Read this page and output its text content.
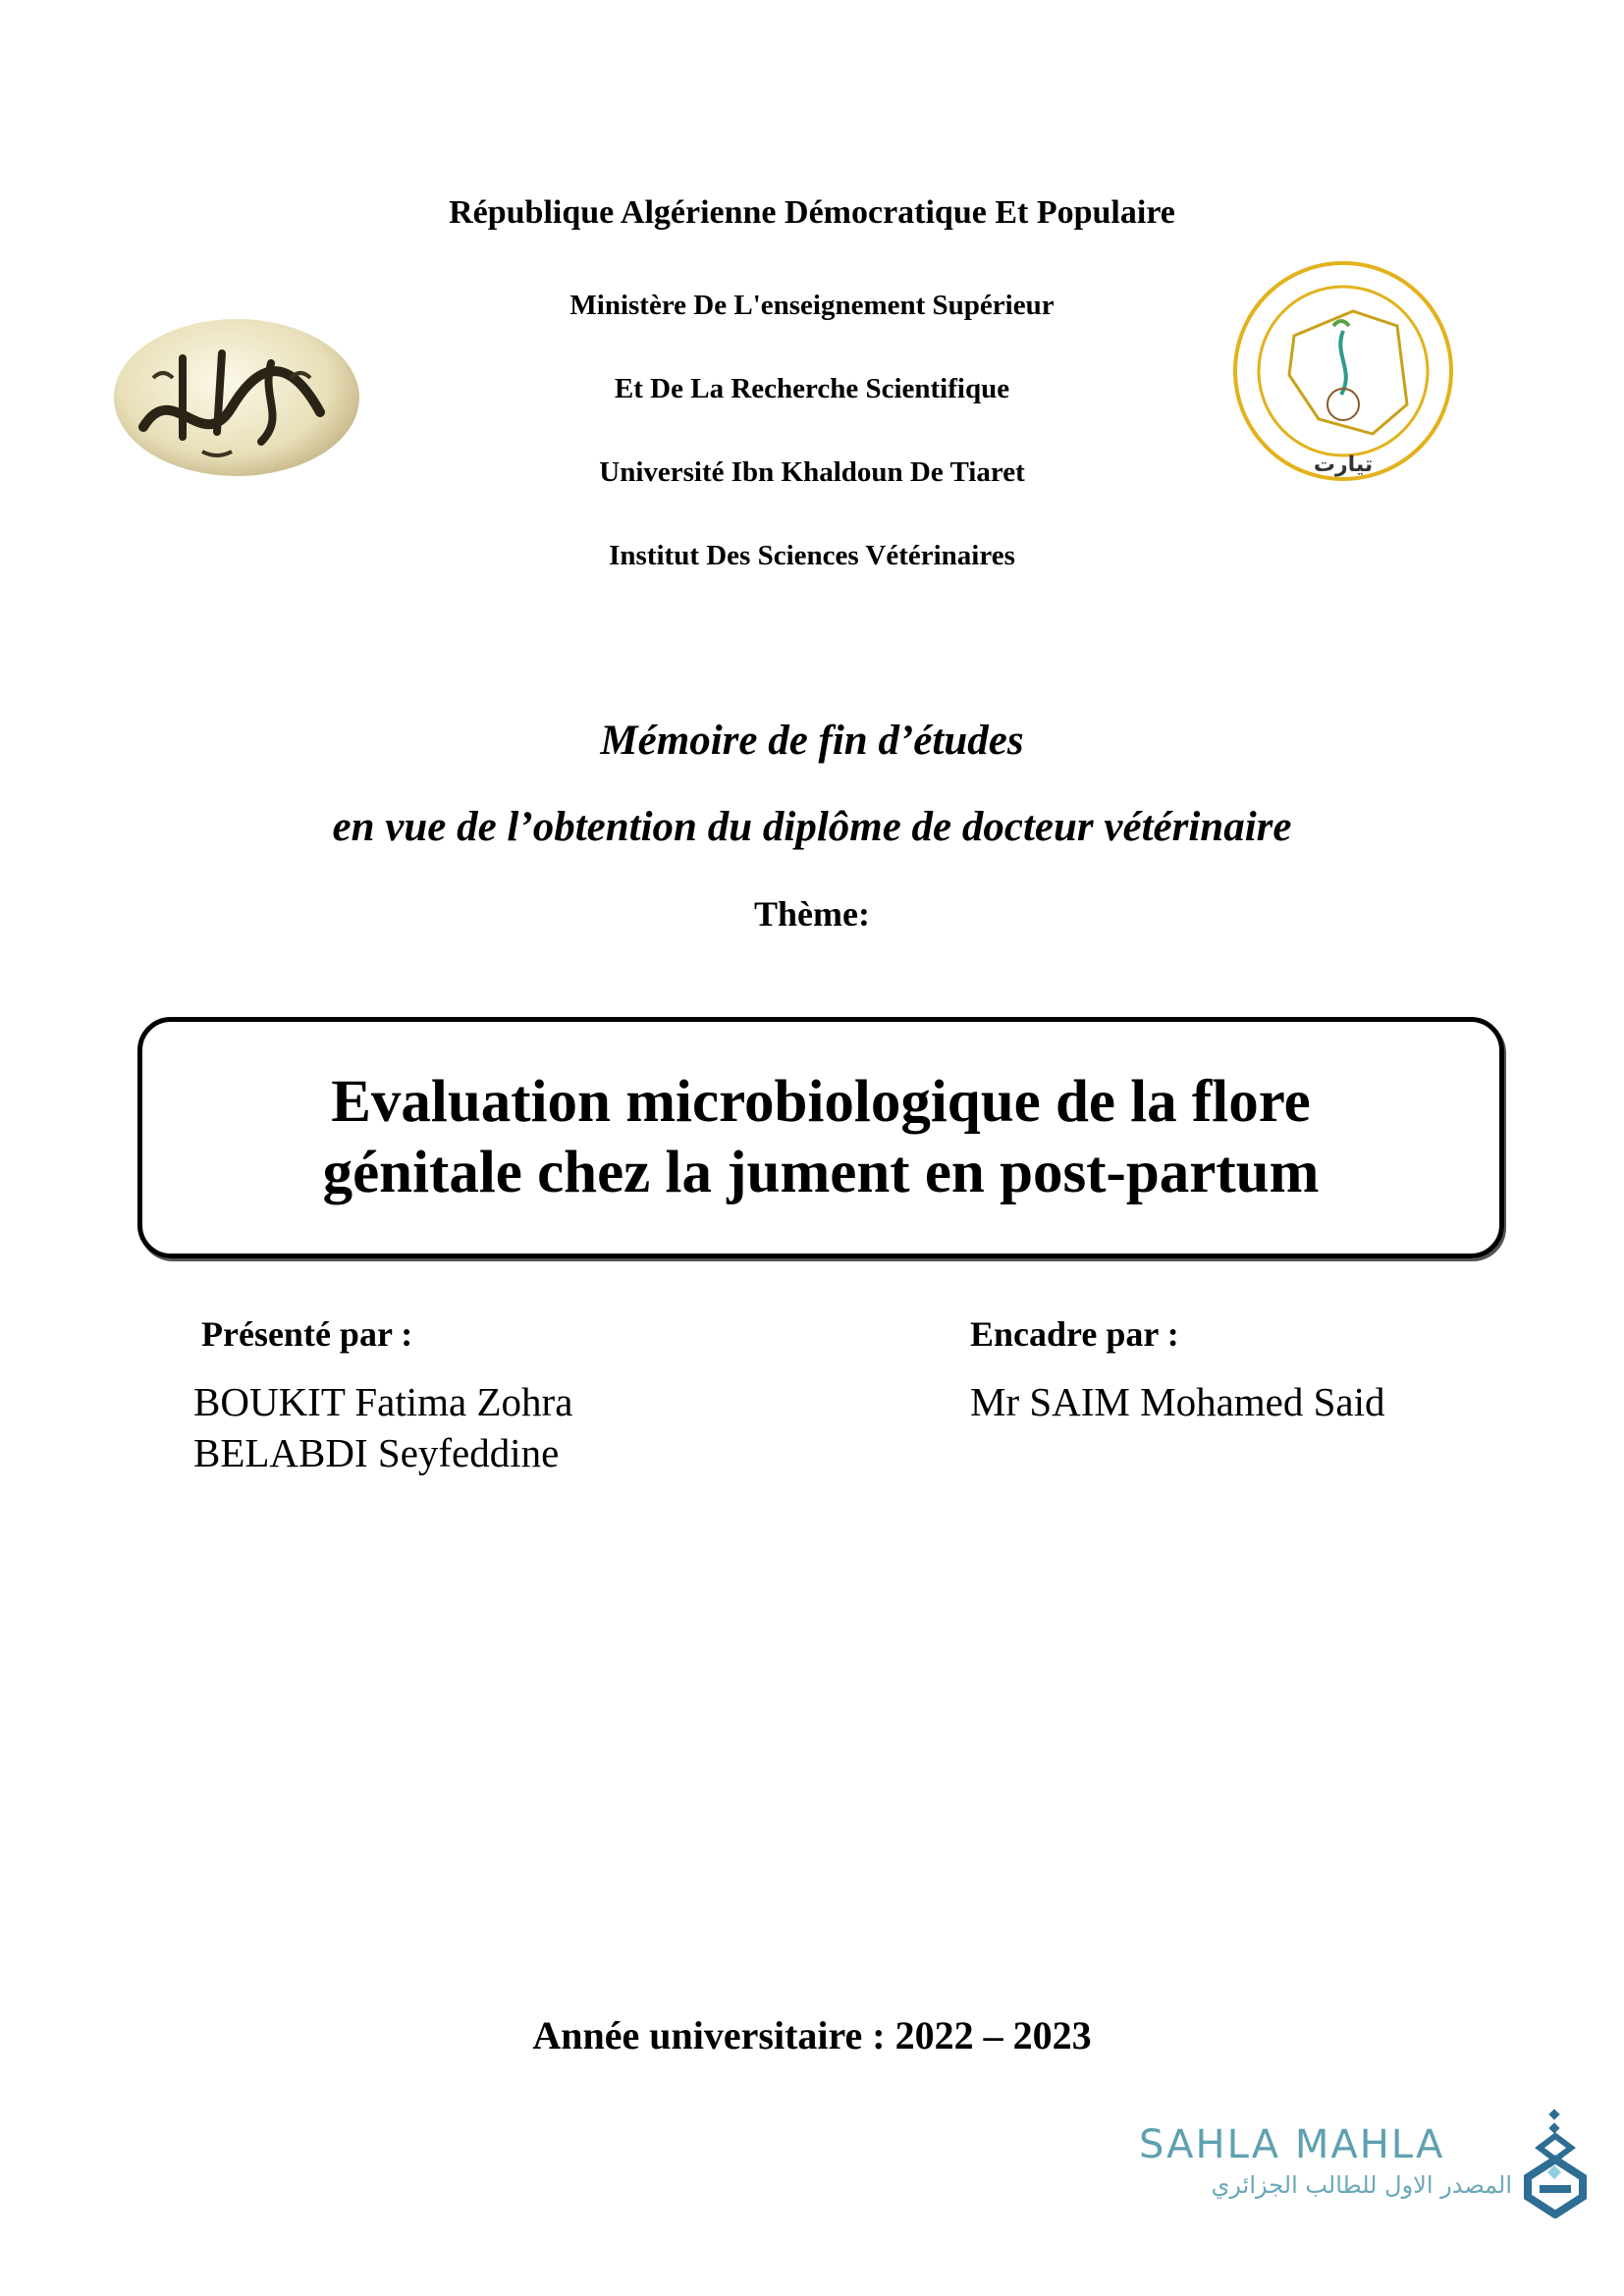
République Algérienne Démocratique Et Populaire
Ministère De L'enseignement Supérieur
Et De La Recherche Scientifique
Université Ibn Khaldoun De Tiaret
Institut Des Sciences Vétérinaires
تيارت
Mémoire de fin d’études
en vue de l’obtention du diplôme de docteur vétérinaire
Thème:
Evaluation microbiologique de la flore
génitale chez la jument en post-partum
Présenté par :
BOUKIT Fatima Zohra
BELABDI Seyfeddine
Encadre par :
Mr SAIM Mohamed Said
Année universitaire : 2022 – 2023
SAHLA MAHLA
المصدر الاول للطالب الجزائري
